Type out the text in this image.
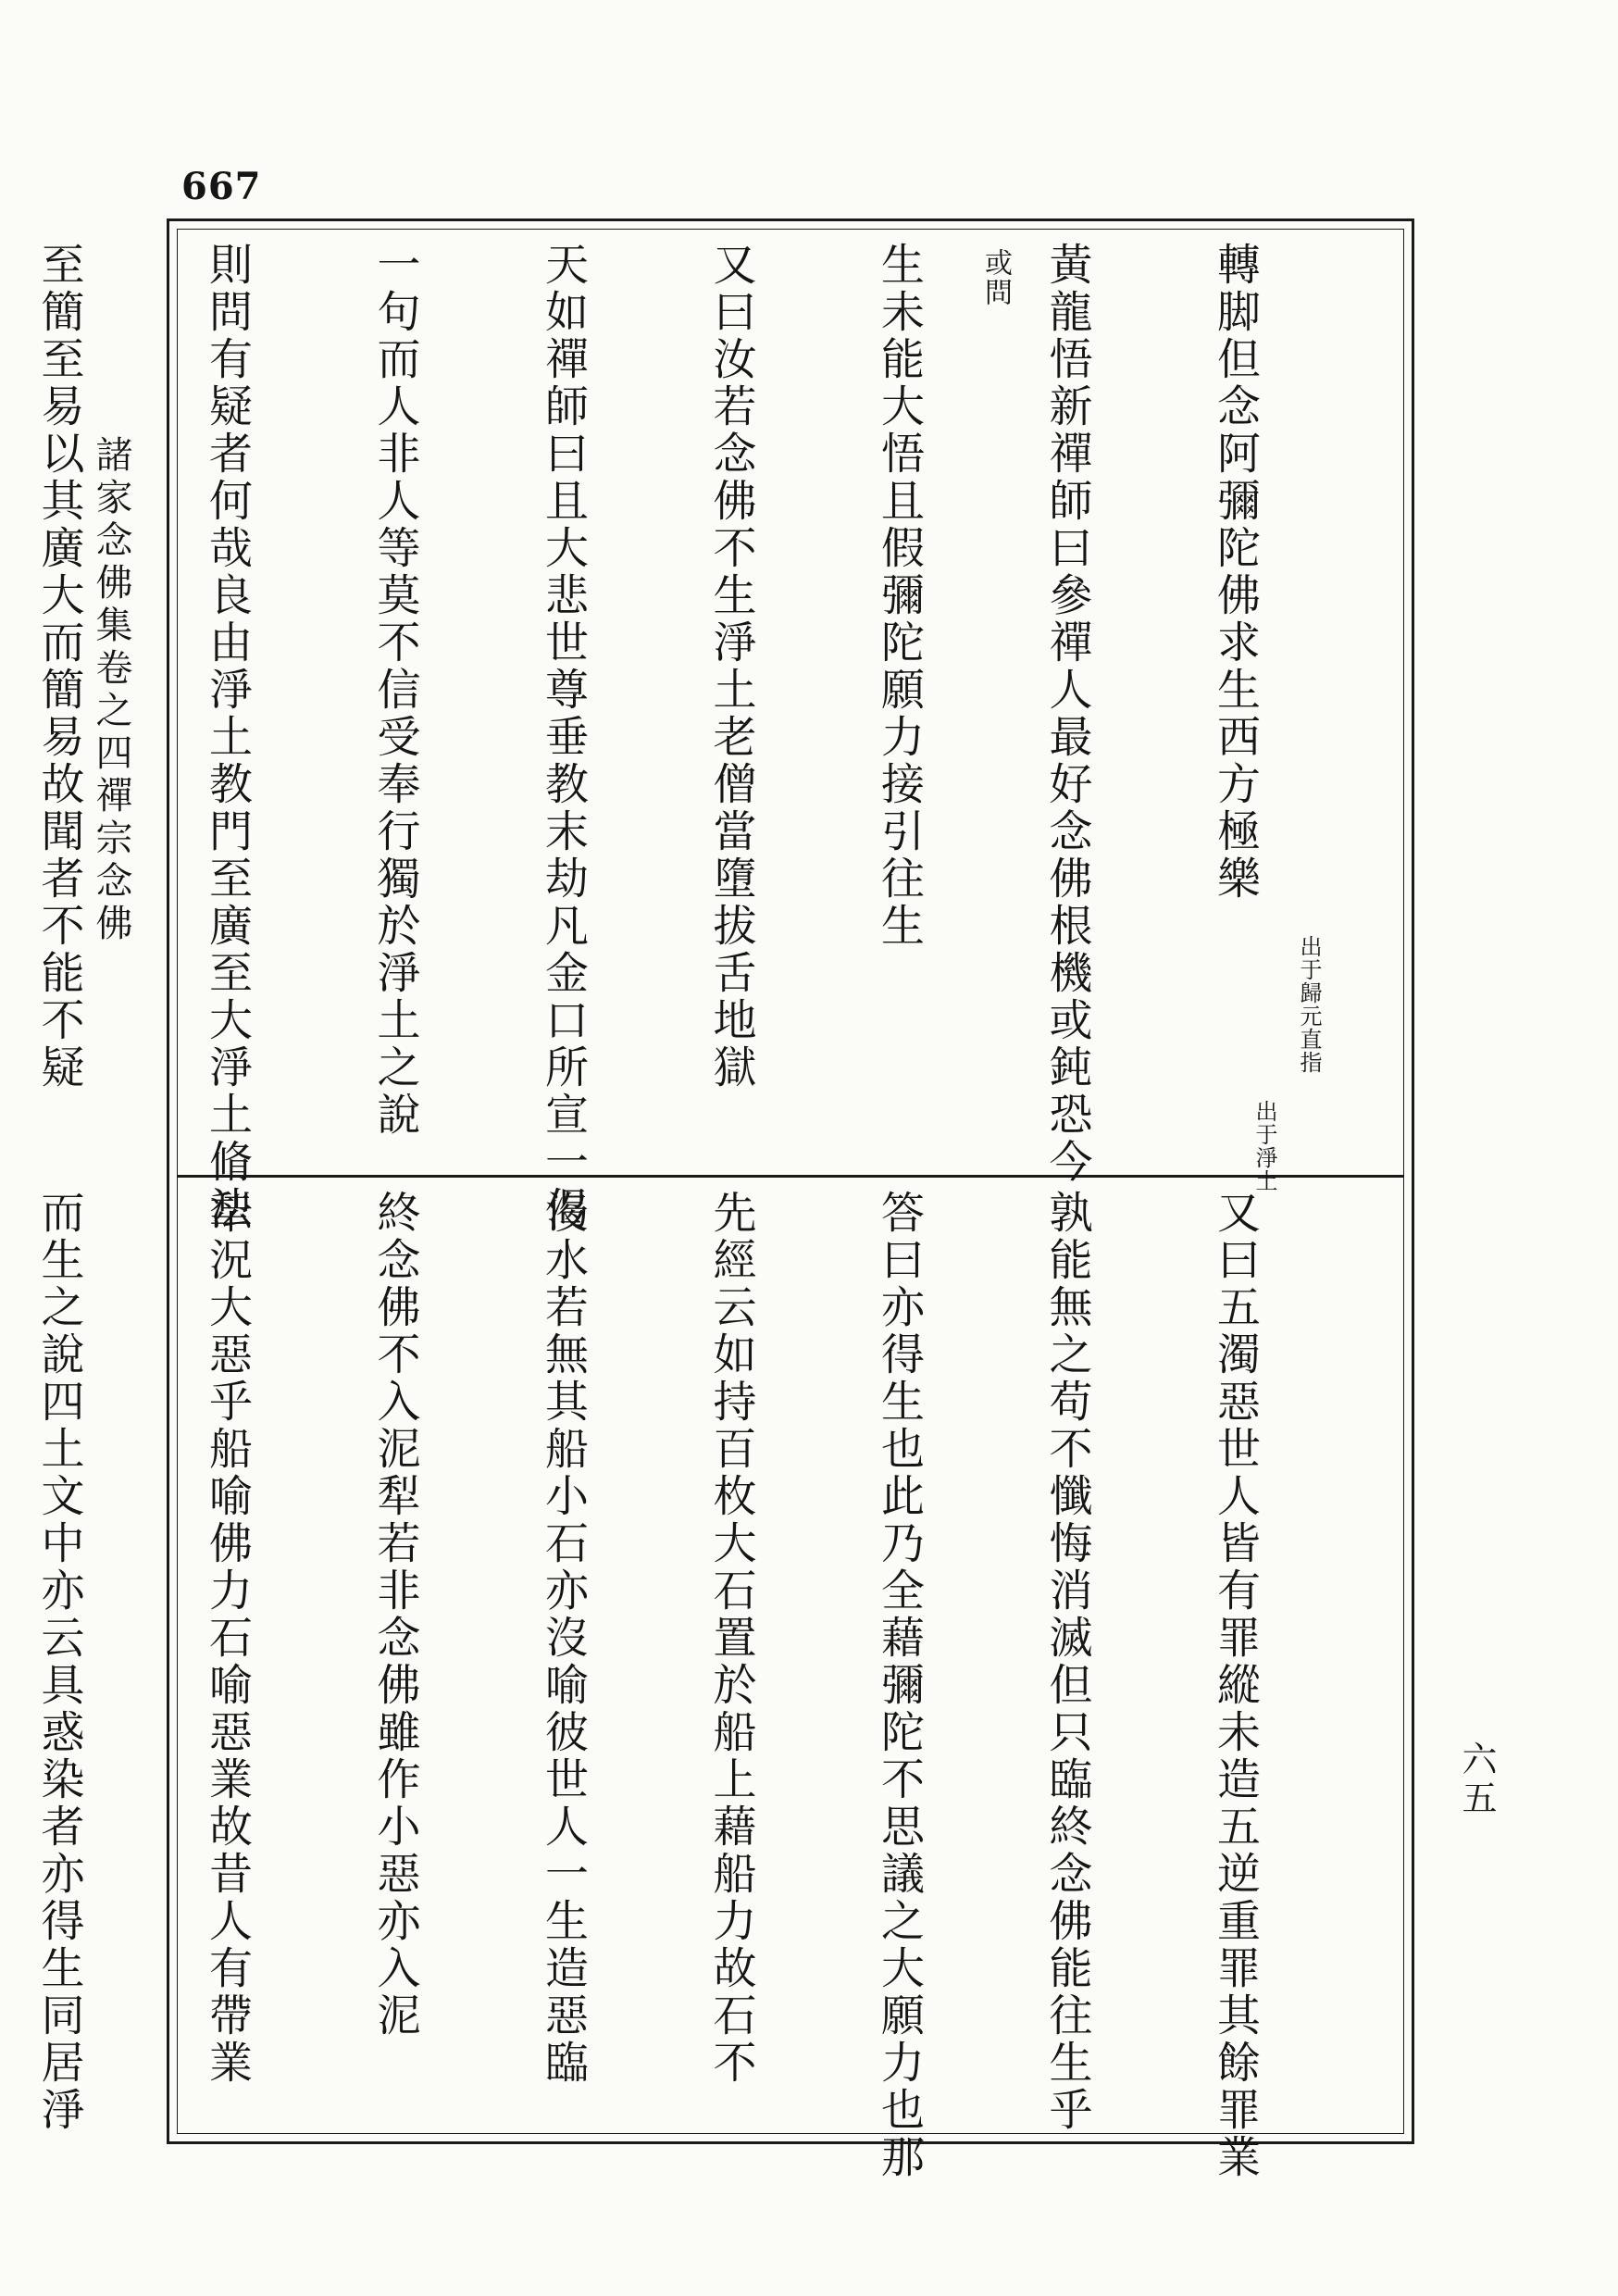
667
諸家念佛集卷之四禪宗念佛
六五

轉脚但念阿彌陀佛求生西方極樂

黃龍悟新禪師曰參禪人最好念佛根機或鈍恐今

生未能大悟且假彌陀願力接引往生

又曰汝若念佛不生淨土老僧當墮拔舌地獄

天如禪師曰且大悲世尊垂教末劫凡金口所宣一偈

一句而人非人等莫不信受奉行獨於淨土之說

則問有疑者何哉良由淨土教門至廣至大淨土脩法

至簡至易以其廣大而簡易故聞者不能不疑

又曰五濁惡世人皆有罪縱未造五逆重罪其餘罪業

孰能無之苟不懺悔消滅但只臨終念佛能往生乎

答曰亦得生也此乃全藉彌陀不思議之大願力也那

先經云如持百枚大石置於船上藉船力故石不

沒水若無其船小石亦沒喻彼世人一生造惡臨

終念佛不入泥犁若非念佛雖作小惡亦入泥

犁況大惡乎船喻佛力石喻惡業故昔人有帶業

而生之說四土文中亦云具惑染者亦得生同居淨

或問
出于歸元直指
出于淨土
